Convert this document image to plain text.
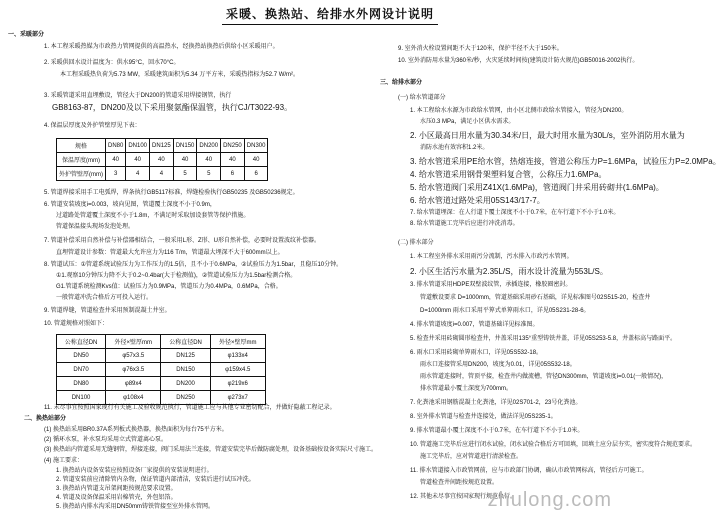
采暖、换热站、给排水外网设计说明
一、采暖部分
1. 本工程采暖热媒为市政热力管网提供的高温热水，经换热站换热后供给小区采暖用户。
2. 采暖供回水设计温度为：供水95°C，回水70°C。
本工程采暖热负荷为5.73 MW，采暖建筑面积为5.34 万平方米，采暖热指标为52.7 W/m²。
3. 采暖管道采用直埋敷设，管径大于DN200的管道采用焊接钢管，执行
GB8163-87，DN200及以下采用聚氨酯保温管，执行CJ/T3022-93。
4. 保温层厚度及外护管壁厚见下表：
规格	DN80	DN100	DN125	DN150	DN200	DN250	DN300
保温厚度(mm)	40	40	40	40	40	40	40
外护管壁厚(mm)	3	4	4	5	5	6	6
5. 管道焊接采用手工电弧焊，焊条执行GB5117标准，焊缝检验执行GB50235 及GB50236规定。
6. 管道安装坡度i=0.003，坡向见图，管道覆土深度不小于0.9m，
过道路处管道覆土深度不小于1.8m，不满足时采取加设套管等保护措施。
管道保温接头现场发泡处理。
7. 管道补偿采用自然补偿与补偿器相结合，一般采用L形、Z形、U形自然补偿，必要时设置波纹补偿器。
直埋管道设计参数：管道最大允许应力为116 T/m，管道最大埋深不大于600mm以上。
8. 管道试压：①管道系统试验压力为工作压力的1.5倍，且不小于0.6MPa，②试验压力为1.5bar，且稳压10分钟。
①1.观察10分钟压力降不大于0.2~0.4bar(大于检测值)，②管道试验压力为1.5bar检测合格。
G1.管道系统检测Kvs值：试验压力为0.9MPa，管道压力为0.4MPa，0.6MPa，合格。
一般管道冲洗合格后方可投入运行。
9. 管道焊缝，管道检查井采用预制混凝土井室。
10. 管道规格对照如下：
公称直径DN	外径×壁厚mm	公称直径DN	外径×壁厚mm
DN50	φ57x3.5	DN125	φ133x4
DN70	φ76x3.5	DN150	φ159x4.5
DN80	φ89x4	DN200	φ219x6
DN100	φ108x4	DN250	φ273x7
11. 未尽事宜按照国家现行有关施工及验收规范执行，管道施工应与其他专业密切配合，并做好隐蔽工程记录。
二、换热站部分
(1) 换热站采用BR0.37A系列板式换热器，换热面积为每台75平方米。
(2) 循环水泵，补水泵均采用立式管道离心泵。
(3) 换热站内管道采用无缝钢管，焊接连接，阀门采用法兰连接，管道安装完毕后做防腐处理，设备基础按设备实际尺寸施工。
(4) 施工要求：
1. 换热站内设备安装应按照设备厂家提供的安装说明进行。
2. 管道安装前应清除管内杂物，保证管道内部清洁，安装后进行试压冲洗。
3. 换热站内管道支吊架间距按规范要求设置。
4. 管道及设备保温采用岩棉管壳，外包铝箔。
5. 换热站内排水沟采用DN50mm铸铁管接至室外排水管网。
9. 室外消火栓设置间距不大于120米，保护半径不大于150米。
10. 室外消防用水量为360米/秒，火灾延续时间按(建筑设计防火规范)GB50016-2002执行。
三、给排水部分
(一) 给水管道部分
1. 本工程给水水源为市政给水管网，由小区北侧市政给水管接入，管径为DN200。
水压0.3 MPa，满足小区供水需求。
2. 小区最高日用水量为30.34米/日，最大时用水量为30L/s，室外消防用水量为
消防水池有效容积1.2米。
3. 给水管道采用PE给水管，热熔连接，管道公称压力P=1.6MPa，试验压力P=2.0MPa。
4. 给水管道采用钢骨架塑料复合管，公称压力1.6MPa。
5. 给水管道阀门采用Z41X(1.6MPa)，管道阀门井采用砖砌井(1.6MPa)。
6. 给水管道过路处采用05S143/17-7。
7. 给水管道埋深：在人行道下覆土深度不小于0.7米，在车行道下不小于1.0米。
8. 给水管道施工完毕后应进行冲洗消毒。
(二) 排水部分
1. 本工程室外排水采用雨污分流制，污水排入市政污水管网。
2. 小区生活污水量为2.35L/S，雨水设计流量为553L/S。
3. 排水管道采用HDPE双壁波纹管，承插连接，橡胶圈密封。
管道敷设要求 D=1000mm，管道基础采用砂石基础，详见标准图号02S515-20，检查井
D=1000mm 雨水口采用平箅式单箅雨水口，详见05S231-28-6。
4. 排水管道坡度i=0.007，管道基础详见标准图。
5. 检查井采用砖砌圆形检查井，井盖采用135°重型铸铁井盖，详见05S253-5.8，井盖标高与路面平。
6. 雨水口采用砖砌单箅雨水口，详见05S532-18。
雨水口连接管采用DN200，坡度为0.01，详见05S532-18。
雨水管道连接时，管顶平接，检查井内做流槽，管径DN300mm，管道坡度i=0.01(一般情况)，
排水管道最小覆土深度为700mm。
7. 化粪池采用钢筋混凝土化粪池，详见02S701-2，23号化粪池。
8. 室外排水管道与检查井连接处，做法详见05S235-1。
9. 排水管道最小覆土深度不小于0.7米，在车行道下不小于1.0米。
10. 管道施工完毕后应进行闭水试验，闭水试验合格后方可回填，回填土应分层夯实，密实度符合规范要求。
施工完毕后，应对管道进行清淤检查。
11. 排水管道接入市政管网前，应与市政部门协调，确认市政管网标高，管径后方可施工。
管道检查井间距按规范设置。
12. 其他未尽事宜按国家现行规范执行。
zhulong.com
